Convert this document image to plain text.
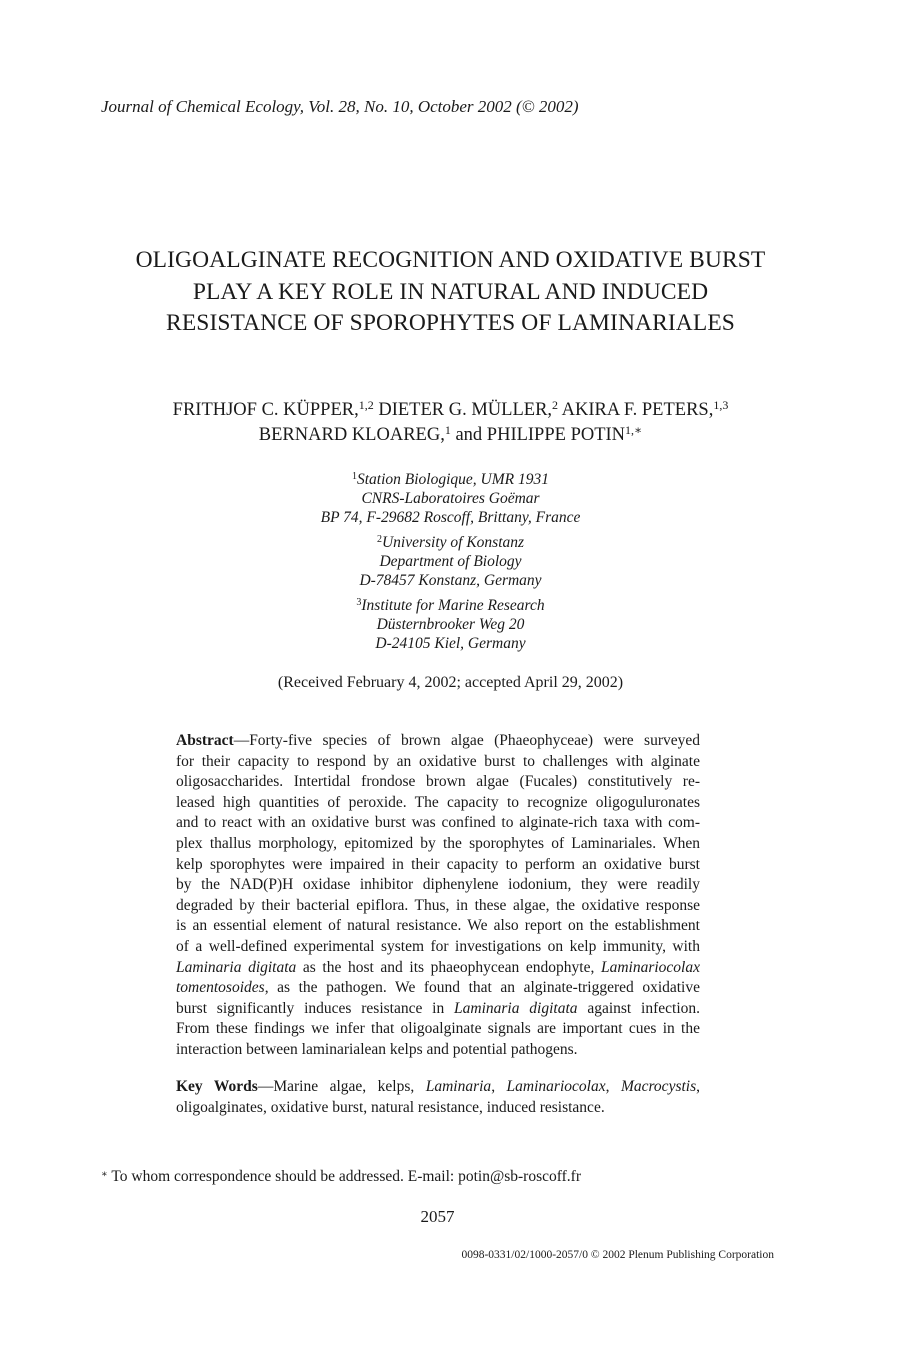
Journal of Chemical Ecology, Vol. 28, No. 10, October 2002 (© 2002)
OLIGOALGINATE RECOGNITION AND OXIDATIVE BURST
PLAY A KEY ROLE IN NATURAL AND INDUCED
RESISTANCE OF SPOROPHYTES OF LAMINARIALES
FRITHJOF C. KÜPPER,$^{1,2}$ DIETER G. MÜLLER,$^2$ AKIRA F. PETERS,$^{1,3}$
BERNARD KLOAREG,$^1$ and PHILIPPE $POTIN^{1,∗}$
$^1$Station Biologique, UMR 1931
CNRS-Laboratoires Goëmar
BP 74, F-29682 Roscoff, Brittany, France
$^2$University of Konstanz
Department of Biology
D-78457 Konstanz, Germany
$^3$Institute for Marine Research
Düsternbrooker Weg 20
D-24105 Kiel, Germany
(Received February 4, 2002; accepted April 29, 2002)
Abstract—Forty-five species of brown algae (Phaeophyceae) were surveyed
for their capacity to respond by an oxidative burst to challenges with alginate
oligosaccharides. Intertidal frondose brown algae (Fucales) constitutively re-
leased high quantities of peroxide. The capacity to recognize oligoguluronates
and to react with an oxidative burst was confined to alginate-rich taxa with com-
plex thallus morphology, epitomized by the sporophytes of Laminariales. When
kelp sporophytes were impaired in their capacity to perform an oxidative burst
by the NAD(P)H oxidase inhibitor diphenylene iodonium, they were readily
degraded by their bacterial epiflora. Thus, in these algae, the oxidative response
is an essential element of natural resistance. We also report on the establishment
of a well-defined experimental system for investigations on kelp immunity, with
Laminaria digitata as the host and its phaeophycean endophyte, Laminariocolax
tomentosoides, as the pathogen. We found that an alginate-triggered oxidative
burst significantly induces resistance in Laminaria digitata against infection.
From these findings we infer that oligoalginate signals are important cues in the
interaction between laminarialean kelps and potential pathogens.
Key Words—Marine algae, kelps, Laminaria, Laminariocolax, Macrocystis,
oligoalginates, oxidative burst, natural resistance, induced resistance.
∗ To whom correspondence should be addressed. E-mail: potin@sb-roscoff.fr
2057
0098-0331/02/1000-2057/0 © 2002 Plenum Publishing Corporation
